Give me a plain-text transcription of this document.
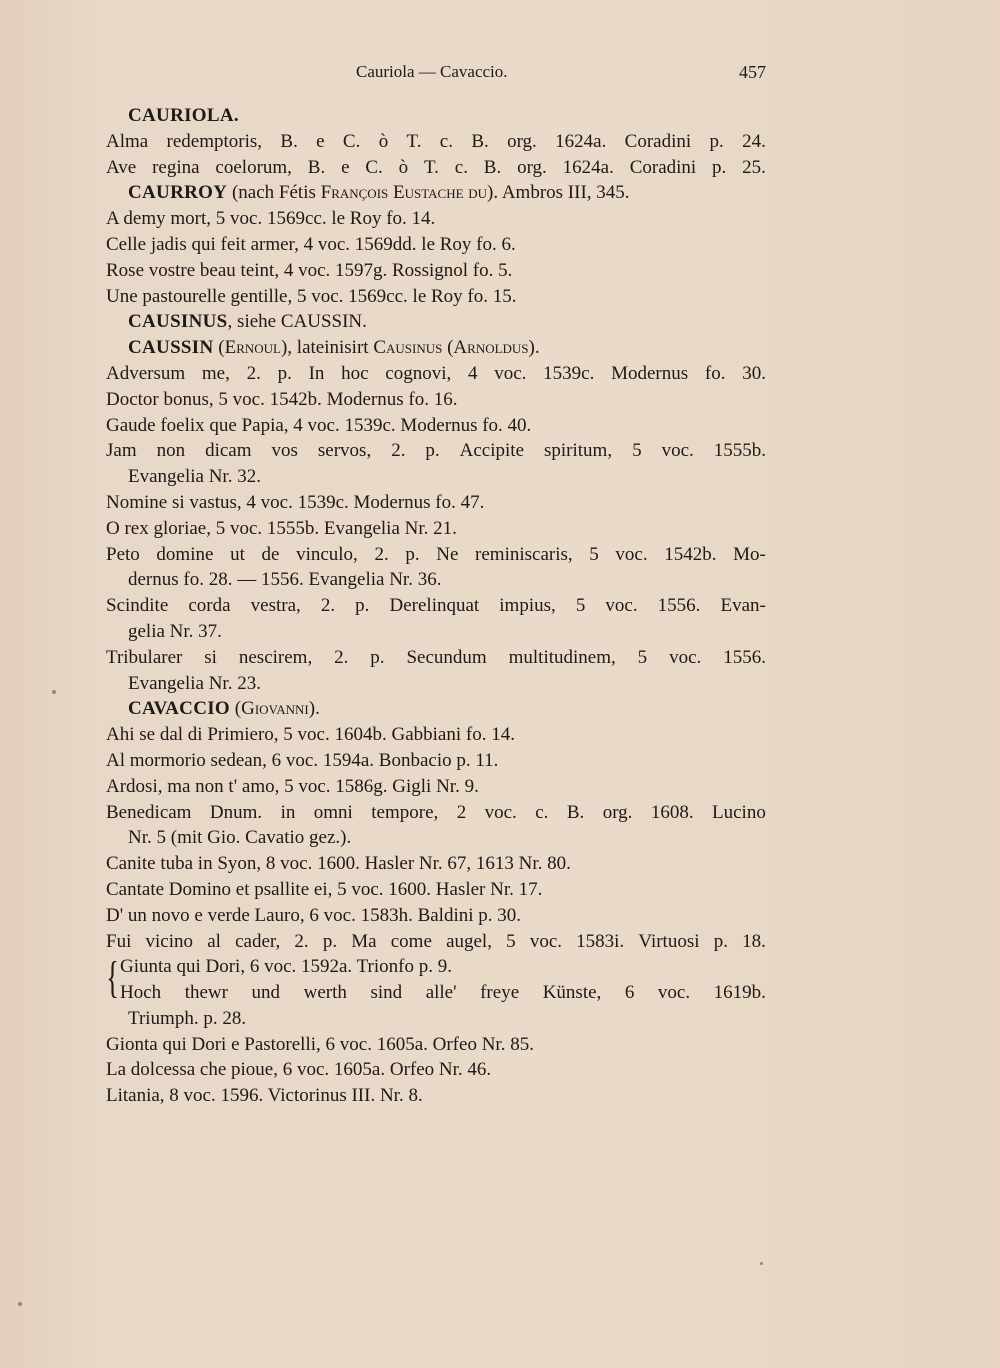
Cauriola — Cavaccio.	457
CAURIOLA.
Alma redemptoris, B. e C. ò T. c. B. org. 1624a. Coradini p. 24.
Ave regina coelorum, B. e C. ò T. c. B. org. 1624a. Coradini p. 25.
CAURROY (nach Fétis François Eustache du). Ambros III, 345.
A demy mort, 5 voc. 1569cc. le Roy fo. 14.
Celle jadis qui feit armer, 4 voc. 1569dd. le Roy fo. 6.
Rose vostre beau teint, 4 voc. 1597g. Rossignol fo. 5.
Une pastourelle gentille, 5 voc. 1569cc. le Roy fo. 15.
CAUSINUS, siehe CAUSSIN.
CAUSSIN (Ernoul), lateinisirt Causinus (Arnoldus).
Adversum me, 2. p. In hoc cognovi, 4 voc. 1539c. Modernus fo. 30.
Doctor bonus, 5 voc. 1542b. Modernus fo. 16.
Gaude foelix que Papia, 4 voc. 1539c. Modernus fo. 40.
Jam non dicam vos servos, 2. p. Accipite spiritum, 5 voc. 1555b.
Evangelia Nr. 32.
Nomine si vastus, 4 voc. 1539c. Modernus fo. 47.
O rex gloriae, 5 voc. 1555b. Evangelia Nr. 21.
Peto domine ut de vinculo, 2. p. Ne reminiscaris, 5 voc. 1542b. Mo-
dernus fo. 28. — 1556. Evangelia Nr. 36.
Scindite corda vestra, 2. p. Derelinquat impius, 5 voc. 1556. Evan-
gelia Nr. 37.
Tribularer si nescirem, 2. p. Secundum multitudinem, 5 voc. 1556.
Evangelia Nr. 23.
CAVACCIO (Giovanni).
Ahi se dal di Primiero, 5 voc. 1604b. Gabbiani fo. 14.
Al mormorio sedean, 6 voc. 1594a. Bonbacio p. 11.
Ardosi, ma non t' amo, 5 voc. 1586g. Gigli Nr. 9.
Benedicam Dnum. in omni tempore, 2 voc. c. B. org. 1608. Lucino
Nr. 5 (mit Gio. Cavatio gez.).
Canite tuba in Syon, 8 voc. 1600. Hasler Nr. 67, 1613 Nr. 80.
Cantate Domino et psallite ei, 5 voc. 1600. Hasler Nr. 17.
D' un novo e verde Lauro, 6 voc. 1583h. Baldini p. 30.
Fui vicino al cader, 2. p. Ma come augel, 5 voc. 1583i. Virtuosi p. 18.
{ Giunta qui Dori, 6 voc. 1592a. Trionfo p. 9.
Hoch thewr und werth sind alle' freye Künste, 6 voc. 1619b.
Triumph. p. 28.
Gionta qui Dori e Pastorelli, 6 voc. 1605a. Orfeo Nr. 85.
La dolcessa che pioue, 6 voc. 1605a. Orfeo Nr. 46.
Litania, 8 voc. 1596. Victorinus III. Nr. 8.
